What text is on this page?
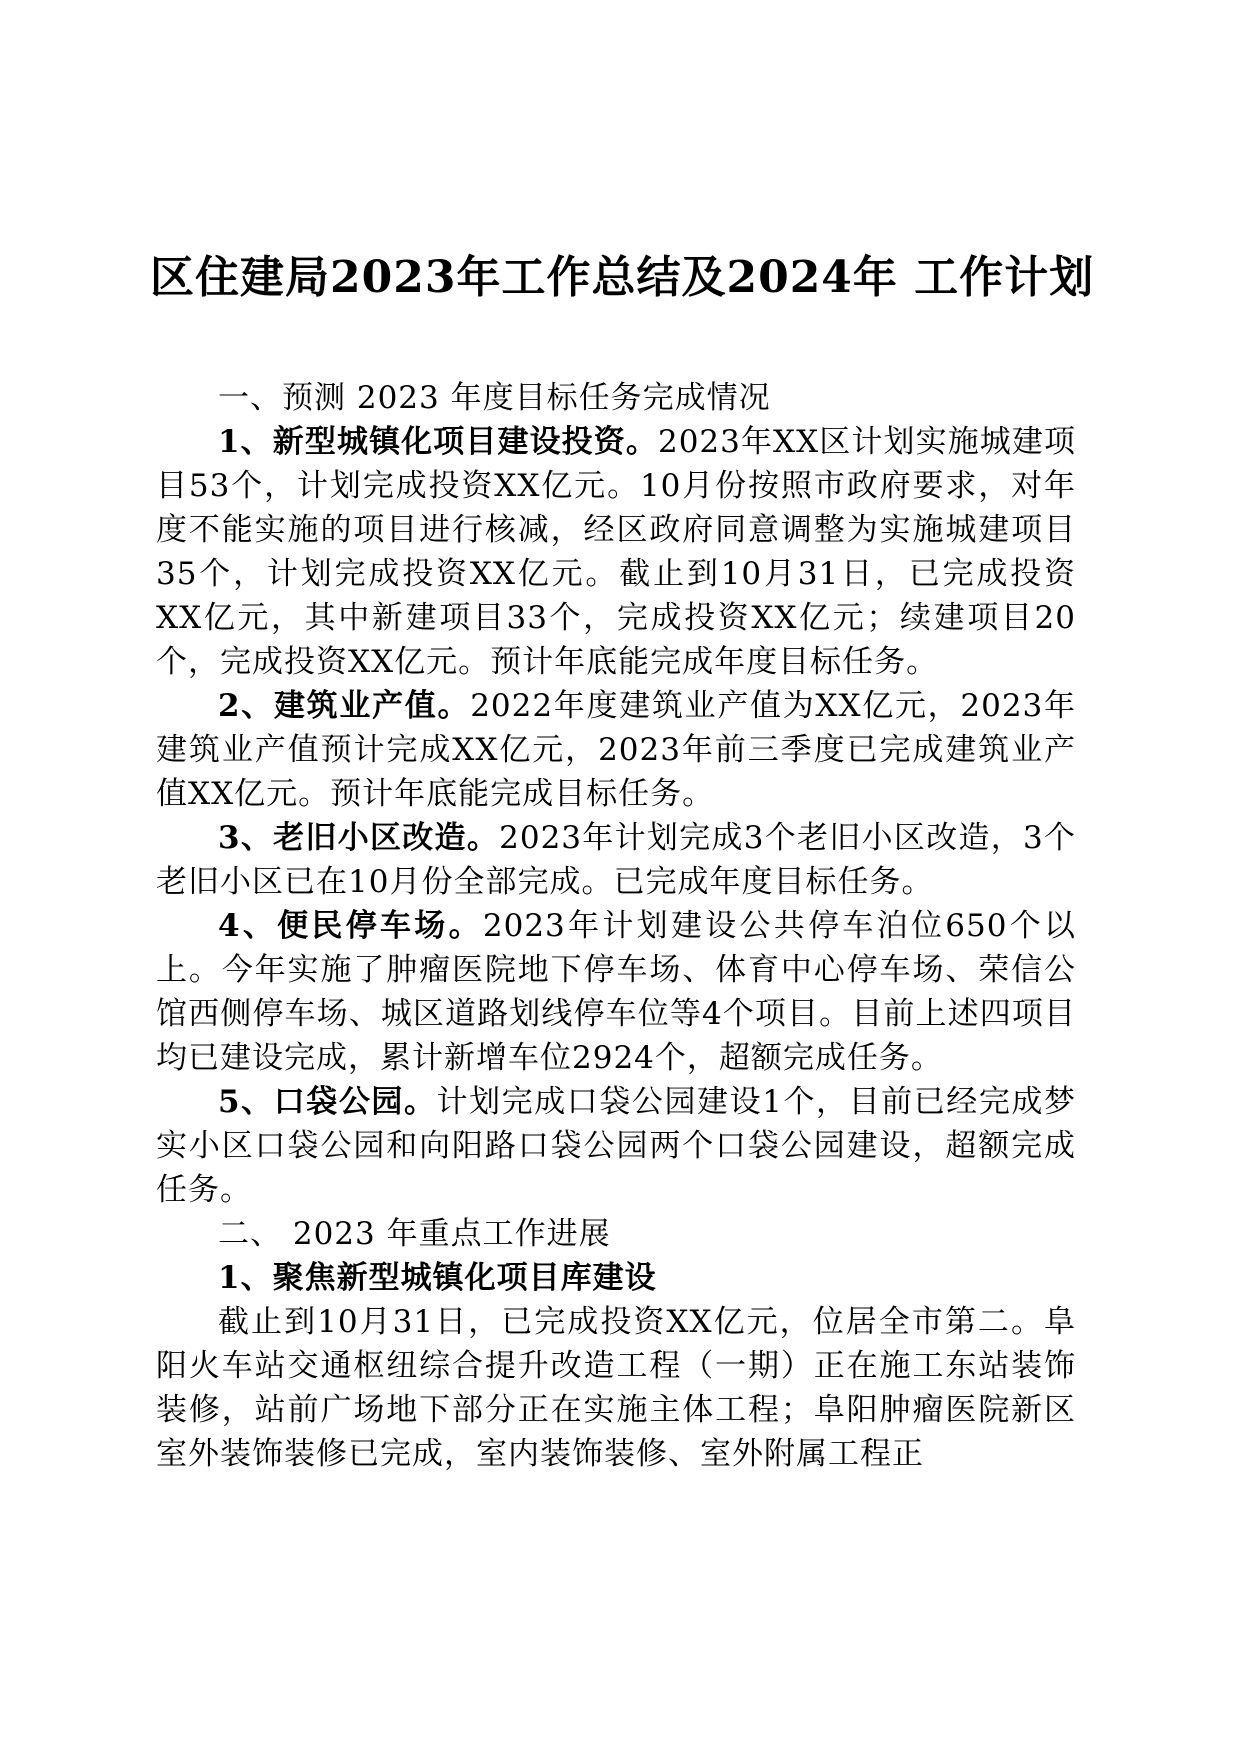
区住建局2023年工作总结及2024年 工作计划

一、预测 2023 年度目标任务完成情况

1、新型城镇化项目建设投资。2023年XX区计划实施城建项目53个，计划完成投资XX亿元。10月份按照市政府要求，对年度不能实施的项目进行核减，经区政府同意调整为实施城建项目35个，计划完成投资XX亿元。截止到10月31日，已完成投资XX亿元，其中新建项目33个，完成投资XX亿元；续建项目20个，完成投资XX亿元。预计年底能完成年度目标任务。

2、建筑业产值。2022年度建筑业产值为XX亿元，2023年建筑业产值预计完成XX亿元，2023年前三季度已完成建筑业产值XX亿元。预计年底能完成目标任务。

3、老旧小区改造。2023年计划完成3个老旧小区改造，3个老旧小区已在10月份全部完成。已完成年度目标任务。

4、便民停车场。2023年计划建设公共停车泊位650个以上。今年实施了肿瘤医院地下停车场、体育中心停车场、荣信公馆西侧停车场、城区道路划线停车位等4个项目。目前上述四项目均已建设完成，累计新增车位2924个，超额完成任务。

5、口袋公园。计划完成口袋公园建设1个，目前已经完成梦实小区口袋公园和向阳路口袋公园两个口袋公园建设，超额完成任务。

二、 2023 年重点工作进展

1、聚焦新型城镇化项目库建设

截止到10月31日，已完成投资XX亿元，位居全市第二。阜阳火车站交通枢纽综合提升改造工程（一期）正在施工东站装饰装修，站前广场地下部分正在实施主体工程；阜阳肿瘤医院新区室外装饰装修已完成，室内装饰装修、室外附属工程正
